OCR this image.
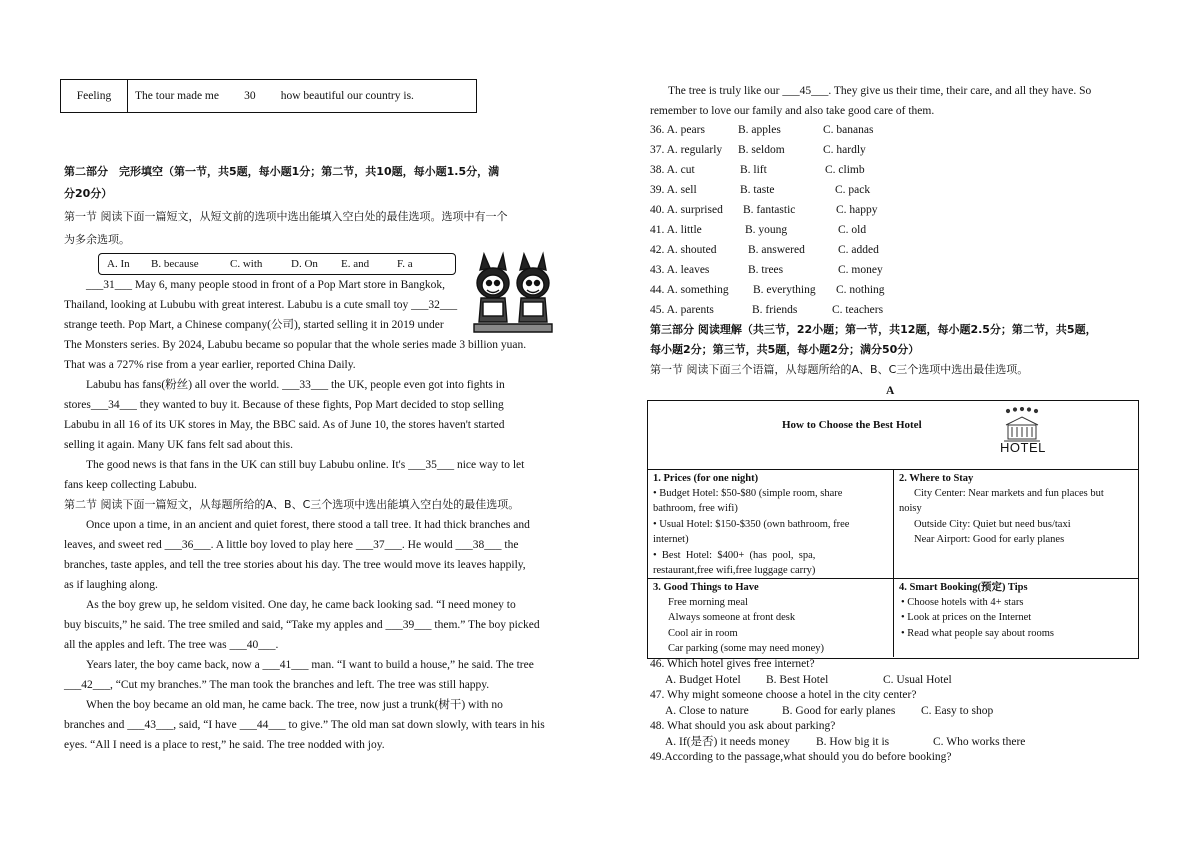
Feeling	The tour made me 30 how beautiful our country is.
第二部分　完形填空（第一节，共5题，每小题1分；第二节，共10题，每小题1.5分，满
分20分）
第一节 阅读下面一篇短文，从短文前的选项中选出能填入空白处的最佳选项。选项中有一个
为多余选项。
A. In B. because	C. with	D. On E. and	F. a
___31___ May 6, many people stood in front of a Pop Mart store in Bangkok,
Thailand, looking at Lububu with great interest. Labubu is a cute small toy ___32___
strange teeth. Pop Mart, a Chinese company(公司), started selling it in 2019 under
The Monsters series. By 2024, Labubu became so popular that the whole series made 3 billion yuan.
That was a 727% rise from a year earlier, reported China Daily.
Labubu has fans(粉丝) all over the world. ___33___ the UK, people even got into fights in
stores___34___ they wanted to buy it. Because of these fights, Pop Mart decided to stop selling
Labubu in all 16 of its UK stores in May, the BBC said. As of June 10, the stores haven't started
selling it again. Many UK fans felt sad about this.
The good news is that fans in the UK can still buy Labubu online. It's ___35___ nice way to let
fans keep collecting Labubu.
第二节 阅读下面一篇短文，从每题所给的A、B、C三个选项中选出能填入空白处的最佳选项。
Once upon a time, in an ancient and quiet forest, there stood a tall tree. It had thick branches and
leaves, and sweet red ___36___. A little boy loved to play here ___37___. He would ___38___ the
branches, taste apples, and tell the tree stories about his day. The tree would move its leaves happily,
as if laughing along.
As the boy grew up, he seldom visited. One day, he came back looking sad. “I need money to
buy biscuits,” he said. The tree smiled and said, “Take my apples and ___39___ them.” The boy picked
all the apples and left. The tree was ___40___.
Years later, the boy came back, now a ___41___ man. “I want to build a house,” he said. The tree
___42___, “Cut my branches.” The man took the branches and left. The tree was still happy.
When the boy became an old man, he came back. The tree, now just a trunk(树干) with no
branches and ___43___, said, “I have ___44___ to give.” The old man sat down slowly, with tears in his
eyes. “All I need is a place to rest,” he said. The tree nodded with joy.
The tree is truly like our ___45___. They give us their time, their care, and all they have. So
remember to love our family and also take good care of them.
36. A. pears	B. apples	C. bananas
37. A. regularly B. seldom	C. hardly
38. A. cut	B. lift	C. climb
39. A. sell	B. taste	C. pack
40. A. surprised B. fantastic	C. happy
41. A. little	B. young	C. old
42. A. shouted	B. answered	C. added
43. A. leaves	B. trees	C. money
44. A. something B. everything C. nothing
45. A. parents	B. friends	C. teachers
第三部分 阅读理解（共三节，22小题；第一节，共12题，每小题2.5分；第二节，共5题，
每小题2分；第三节，共5题，每小题2分；满分50分）
第一节 阅读下面三个语篇，从每题所给的A、B、C三个选项中选出最佳选项。
A
How to Choose the Best Hotel
HOTEL
1. Prices (for one night)
• Budget Hotel: $50-$80 (simple room, share
bathroom, free wifi)
• Usual Hotel: $150-$350 (own bathroom, free
internet)
•  Best  Hotel:  $400+  (has  pool,  spa,
restaurant,free wifi,free luggage carry)
2. Where to Stay
City Center: Near markets and fun places but
noisy
Outside City: Quiet but need bus/taxi
Near Airport: Good for early planes
3. Good Things to Have
Free morning meal
Always someone at front desk
Cool air in room
Car parking (some may need money)
4. Smart Booking(预定) Tips
• Choose hotels with 4+ stars
• Look at prices on the Internet
• Read what people say about rooms
46. Which hotel gives free internet?
A. Budget Hotel B. Best Hotel	C. Usual Hotel
47. Why might someone choose a hotel in the city center?
A. Close to nature	B. Good for early planes C. Easy to shop
48. What should you ask about parking?
A. If(是否) it needs money B. How big it is	C. Who works there
49.According to the passage,what should you do before booking?
